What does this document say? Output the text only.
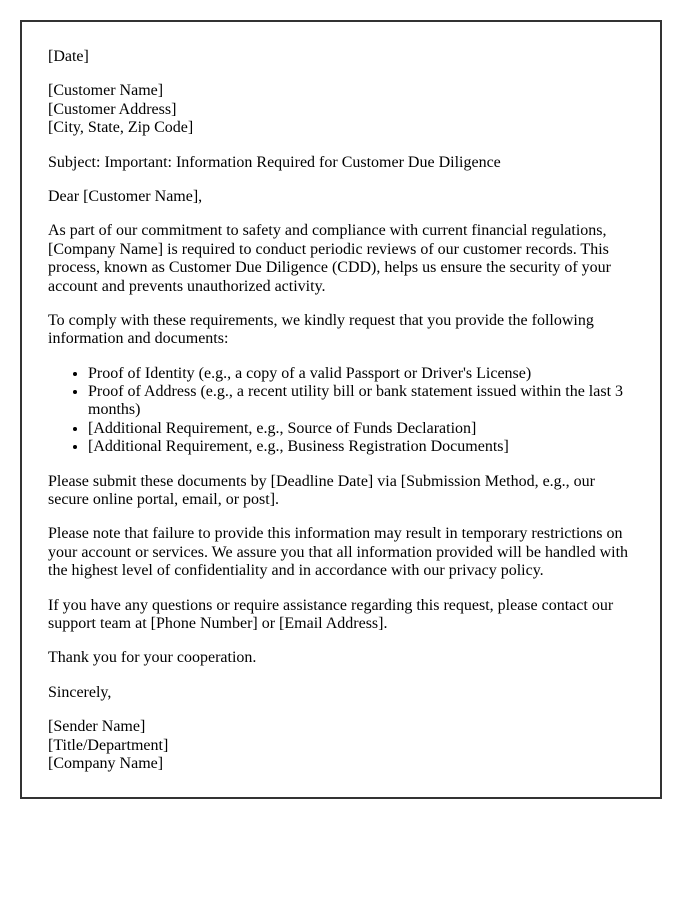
[Date]

[Customer Name]
[Customer Address]
[City, State, Zip Code]

Subject: Important: Information Required for Customer Due Diligence

Dear [Customer Name],

As part of our commitment to safety and compliance with current financial regulations, [Company Name] is required to conduct periodic reviews of our customer records. This process, known as Customer Due Diligence (CDD), helps us ensure the security of your account and prevents unauthorized activity.

To comply with these requirements, we kindly request that you provide the following information and documents:

• Proof of Identity (e.g., a copy of a valid Passport or Driver's License)
• Proof of Address (e.g., a recent utility bill or bank statement issued within the last 3 months)
• [Additional Requirement, e.g., Source of Funds Declaration]
• [Additional Requirement, e.g., Business Registration Documents]

Please submit these documents by [Deadline Date] via [Submission Method, e.g., our secure online portal, email, or post].

Please note that failure to provide this information may result in temporary restrictions on your account or services. We assure you that all information provided will be handled with the highest level of confidentiality and in accordance with our privacy policy.

If you have any questions or require assistance regarding this request, please contact our support team at [Phone Number] or [Email Address].

Thank you for your cooperation.

Sincerely,

[Sender Name]
[Title/Department]
[Company Name]
